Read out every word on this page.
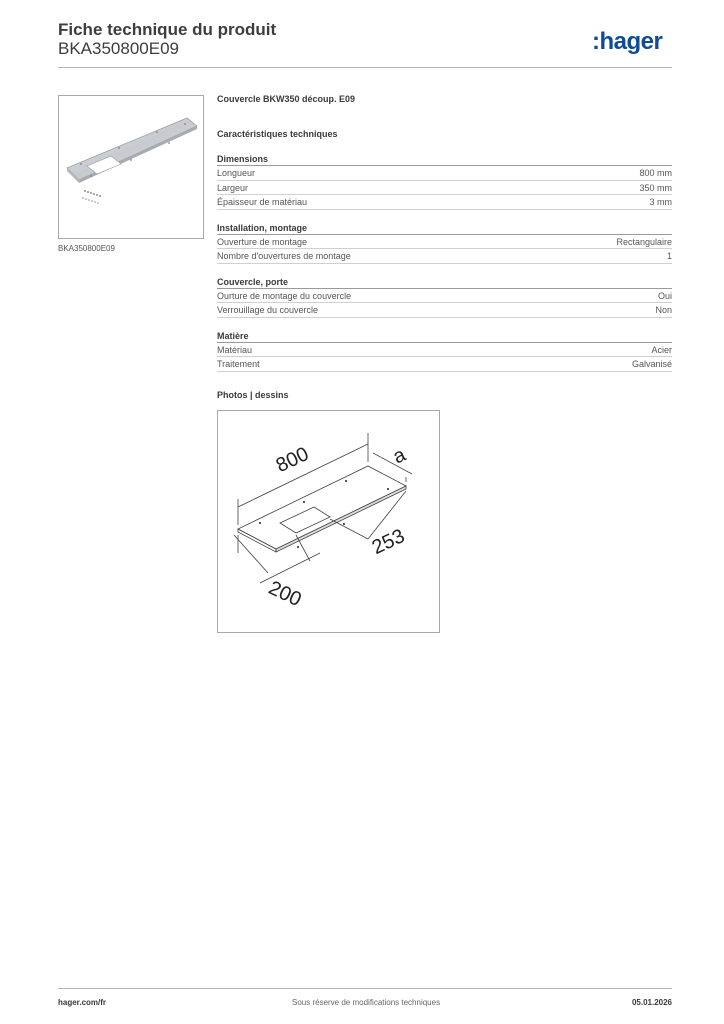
Fiche technique du produit
BKA350800E09	:hager
BKA350800E09
Couvercle BKW350 découp. E09
Caractéristiques techniques
Dimensions
Longueur	800 mm
Largeur	350 mm
Épaisseur de matériau	3 mm
Installation, montage
Ouverture de montage	Rectangulaire
Nombre d'ouvertures de montage	1
Couvercle, porte
Ourture de montage du couvercle	Oui
Verrouillage du couvercle	Non
Matière
Matériau	Acier
Traitement	Galvanisé
Photos | dessins
800	a
253
200
hager.com/fr	Sous réserve de modifications techniques	05.01.2026
